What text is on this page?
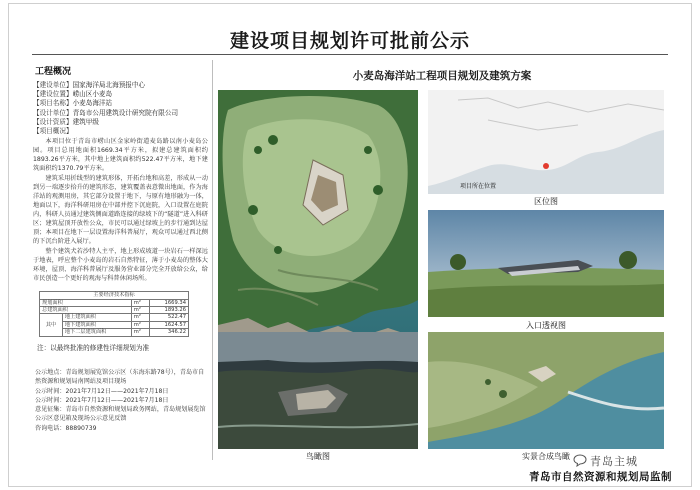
建设项目规划许可批前公示
工程概况
【建设单位】国家海洋局北海预报中心
【建设位置】崂山区小麦岛
【项目名称】小麦岛海洋站
【设计单位】青岛市公用建筑设计研究院有限公司
【设计资质】建筑甲级
【项目概况】

本项目位于青岛市崂山区金家岭街道麦岛路以南小麦岛公园。项目总用地面积1669.34平方米，拟建总建筑面积约1893.26平方米，其中地上建筑面积约522.47平方米，地下建筑面积约1370.79平方米。

建筑采用折线型的建筑形体，开拓台地和高差，形成从一动到另一端逐步拾升的建筑形态，建筑覆盖表意微出地面，作为海洋站的观测用房，其它部分设置于地下，与原有地形融为一体，地面以下，海洋科研用房在中部并控下沉庭院，入口设置在庭院内，科研人员通过建筑侧面道路连接的绿坡下的“隧道”进入科研区；建筑屋顶开放性公众，市民可以通过绿坡上的步行通到达屋顶；本项目在地下一层设置海洋科普展厅，观众可以通过西北侧的下沉台阶进入展厅。

整个建筑犬若沙特人主平，地上形成坡道一块岩石一样深远于地表，呼应整个小麦岛的岩石自然特征，薄于小麦岛的整体大环境，屋顶、海洋科普展厅及服务营业部分完全开放给公众，给市民创造一个更好的观海与科普休闲场所。

主要经济技术指标			
规划面积		m²	1669.34
总建筑面积		m²	1893.26
其中	地上建筑面积	m²	522.47
	地下建筑面积	m²	1624.57
	地下二层建筑面积	m²	346.22
注：以最终批准的修建性详细规划为准
公示地点：青岛规划展览馆公示区（东海东路78号），青岛市自然资源和规划局南网站及项目现场
公示时间：2021年7月12日——2021年7月18日
公示时间：2021年7月12日——2021年7月18日
意见征集：青岛市自然资源和规划局政务网站，青岛规划展览馆公示区意见箱及现场公示意见反馈
咨询电话：88890739
小麦岛海洋站工程项目规划及建筑方案
项目所在位置
区位图
入口透视图
鸟瞰图	实景合成鸟瞰	青岛主城
青岛市自然资源和规划局监制
